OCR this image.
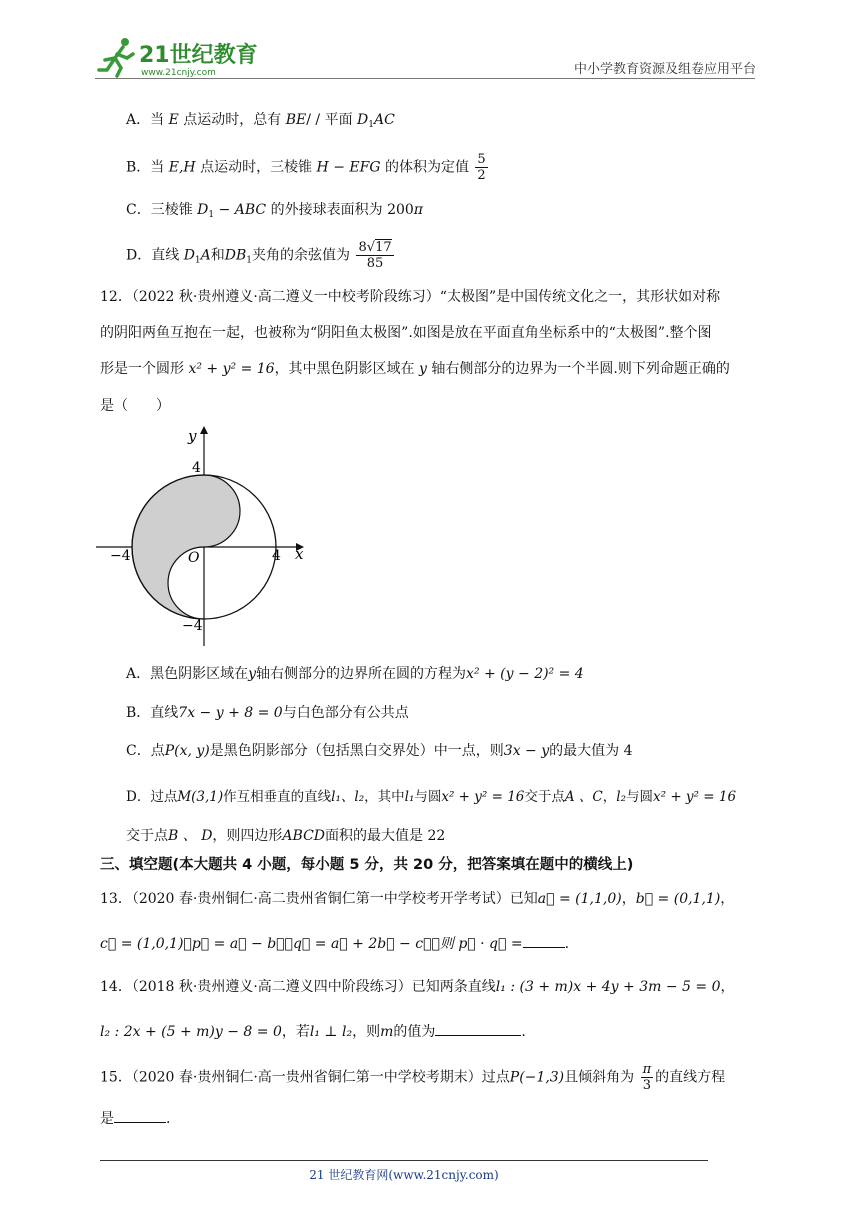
21世纪教育
www.21cnjy.com	中小学教育资源及组卷应用平台
A．当 E 点运动时，总有 BE/ / 平面 $D_1AC$
B．当 E,H 点运动时，三棱锥 H − EFG 的体积为定值 $\frac{5}{2}$
C．三棱锥 $D_1$ − ABC 的外接球表面积为 200π
D．直线 $D_1A$和$DB_1$夹角的余弦值为 $\frac{8√17}{85}$
12．（2022 秋·贵州遵义·高二遵义一中校考阶段练习）“太极图”是中国传统文化之一，其形状如对称
的阴阳两鱼互抱在一起，也被称为“阴阳鱼太极图”.如图是放在平面直角坐标系中的“太极图”.整个图
形是一个圆形 x² + y² = 16，其中黑色阴影区域在 y 轴右侧部分的边界为一个半圆.则下列命题正确的
是（　　）
y
x
4
−4
−4	4
O
A．黑色阴影区域在y轴右侧部分的边界所在圆的方程为x² + (y − 2)² = 4
B．直线7x − y + 8 = 0与白色部分有公共点
C．点P(x, y)是黑色阴影部分（包括黑白交界处）中一点，则3x − y的最大值为 4
D．过点M(3,1)作互相垂直的直线l₁、l₂，其中l₁与圆x² + y² = 16交于点A 、C，l₂与圆x² + y² = 16
交于点B 、 D，则四边形ABCD面积的最大值是 22
三、填空题(本大题共 4 小题，每小题 5 分，共 20 分，把答案填在题中的横线上)
13．（2020 春·贵州铜仁·高二贵州省铜仁第一中学校考开学考试）已知a⃗ = (1,1,0)，b⃗ = (0,1,1)，
c⃗ = (1,0,1)，p⃗ = a⃗ − b⃗，q⃗ = a⃗ + 2b⃗ − c⃗，则 p⃗ · q⃗ =	.
14．（2018 秋·贵州遵义·高二遵义四中阶段练习）已知两条直线l₁ : (3 + m)x + 4y + 3m − 5 = 0，
l₂ : 2x + (5 + m)y − 8 = 0，若l₁ ⊥ l₂，则m的值为	.
15．（2020 春·贵州铜仁·高一贵州省铜仁第一中学校考期末）过点P(−1,3)且倾斜角为 $\frac{\pi}{3}$ 的直线方程
是	.
21 世纪教育网(www.21cnjy.com)
